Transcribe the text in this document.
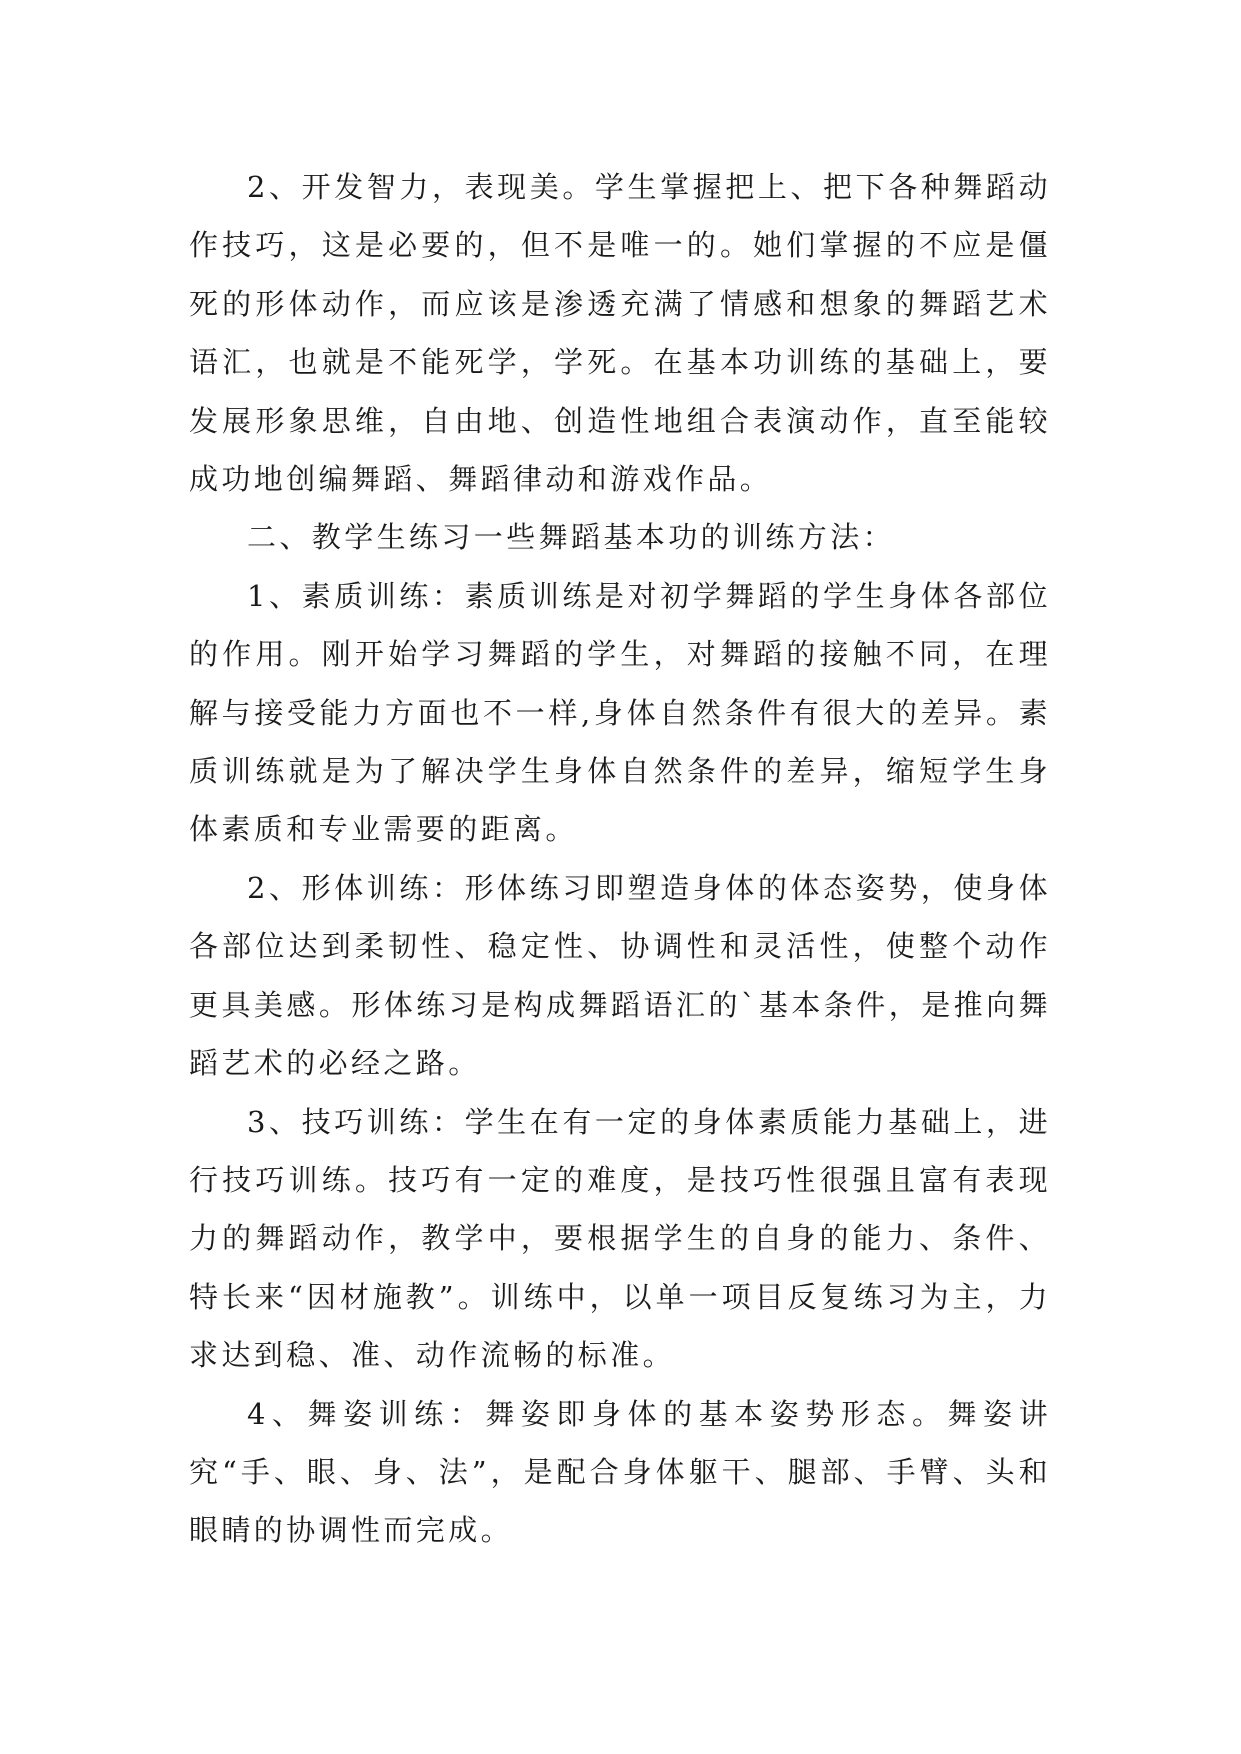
2、开发智力，表现美。学生掌握把上、把下各种舞蹈动作技巧，这是必要的，但不是唯一的。她们掌握的不应是僵死的形体动作，而应该是渗透充满了情感和想象的舞蹈艺术语汇，也就是不能死学，学死。在基本功训练的基础上，要发展形象思维，自由地、创造性地组合表演动作，直至能较成功地创编舞蹈、舞蹈律动和游戏作品。

二、教学生练习一些舞蹈基本功的训练方法：

1、素质训练：素质训练是对初学舞蹈的学生身体各部位的作用。刚开始学习舞蹈的学生，对舞蹈的接触不同，在理解与接受能力方面也不一样,身体自然条件有很大的差异。素质训练就是为了解决学生身体自然条件的差异，缩短学生身体素质和专业需要的距离。

2、形体训练：形体练习即塑造身体的体态姿势，使身体各部位达到柔韧性、稳定性、协调性和灵活性，使整个动作更具美感。形体练习是构成舞蹈语汇的`基本条件，是推向舞蹈艺术的必经之路。

3、技巧训练：学生在有一定的身体素质能力基础上，进行技巧训练。技巧有一定的难度，是技巧性很强且富有表现力的舞蹈动作，教学中，要根据学生的自身的能力、条件、特长来“因材施教”。训练中，以单一项目反复练习为主，力求达到稳、准、动作流畅的标准。

4、舞姿训练：舞姿即身体的基本姿势形态。舞姿讲究“手、眼、身、法”，是配合身体躯干、腿部、手臂、头和眼睛的协调性而完成。
